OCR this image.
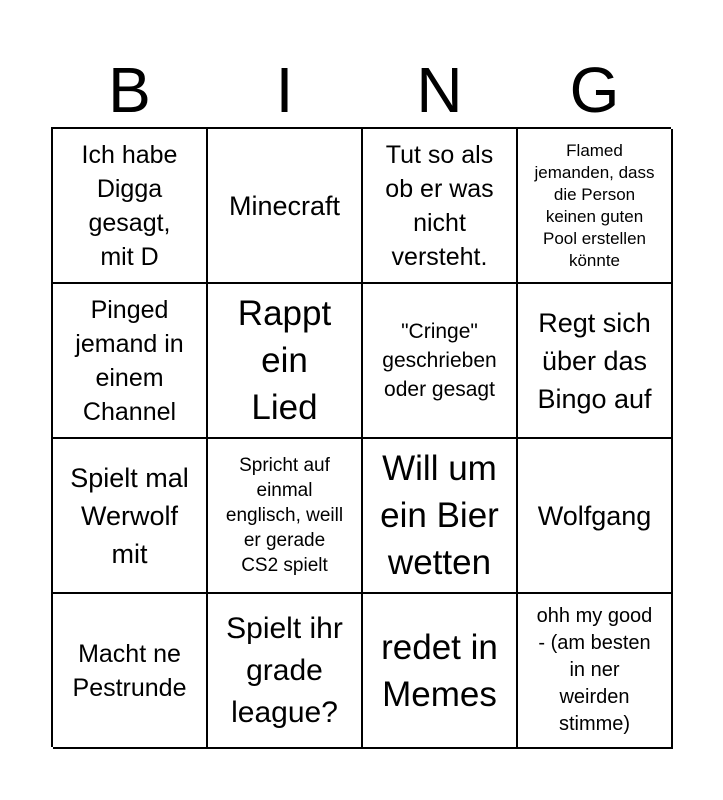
B	I	N	G
Ich habe
Digga
gesagt,
mit D
Minecraft
Tut so als
ob er was
nicht
versteht.
Flamed
jemanden, dass
die Person
keinen guten
Pool erstellen
könnte
Pinged
jemand in
einem
Channel
Rappt
ein
Lied
"Cringe"
geschrieben
oder gesagt
Regt sich
über das
Bingo auf
Spielt mal
Werwolf
mit
Spricht auf
einmal
englisch, weill
er gerade
CS2 spielt
Will um
ein Bier
wetten
Wolfgang
Macht ne
Pestrunde
Spielt ihr
grade
league?
redet in
Memes
ohh my good
- (am besten
in ner
weirden
stimme)
